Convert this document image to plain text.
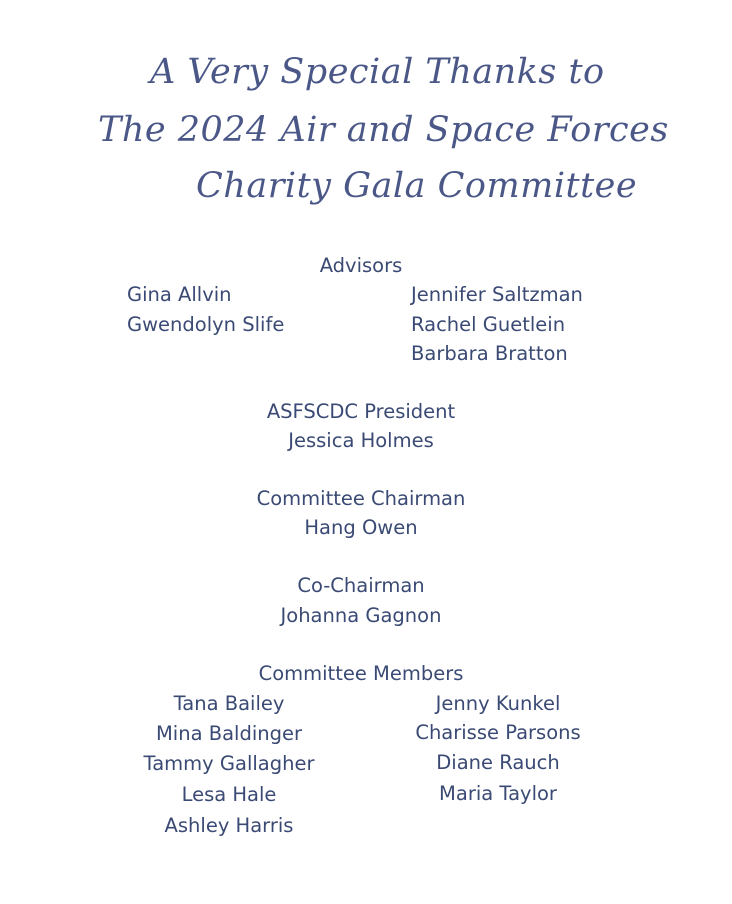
A Very Special Thanks to
The 2024 Air and Space Forces
Charity Gala Committee
Advisors
Gina Allvin
Gwendolyn Slife
Jennifer Saltzman
Rachel Guetlein
Barbara Bratton
ASFSCDC President
Jessica Holmes
Committee Chairman
Hang Owen
Co-Chairman
Johanna Gagnon
Committee Members
Tana Bailey
Mina Baldinger
Tammy Gallagher
Lesa Hale
Ashley Harris
Jenny Kunkel
Charisse Parsons
Diane Rauch
Maria Taylor
